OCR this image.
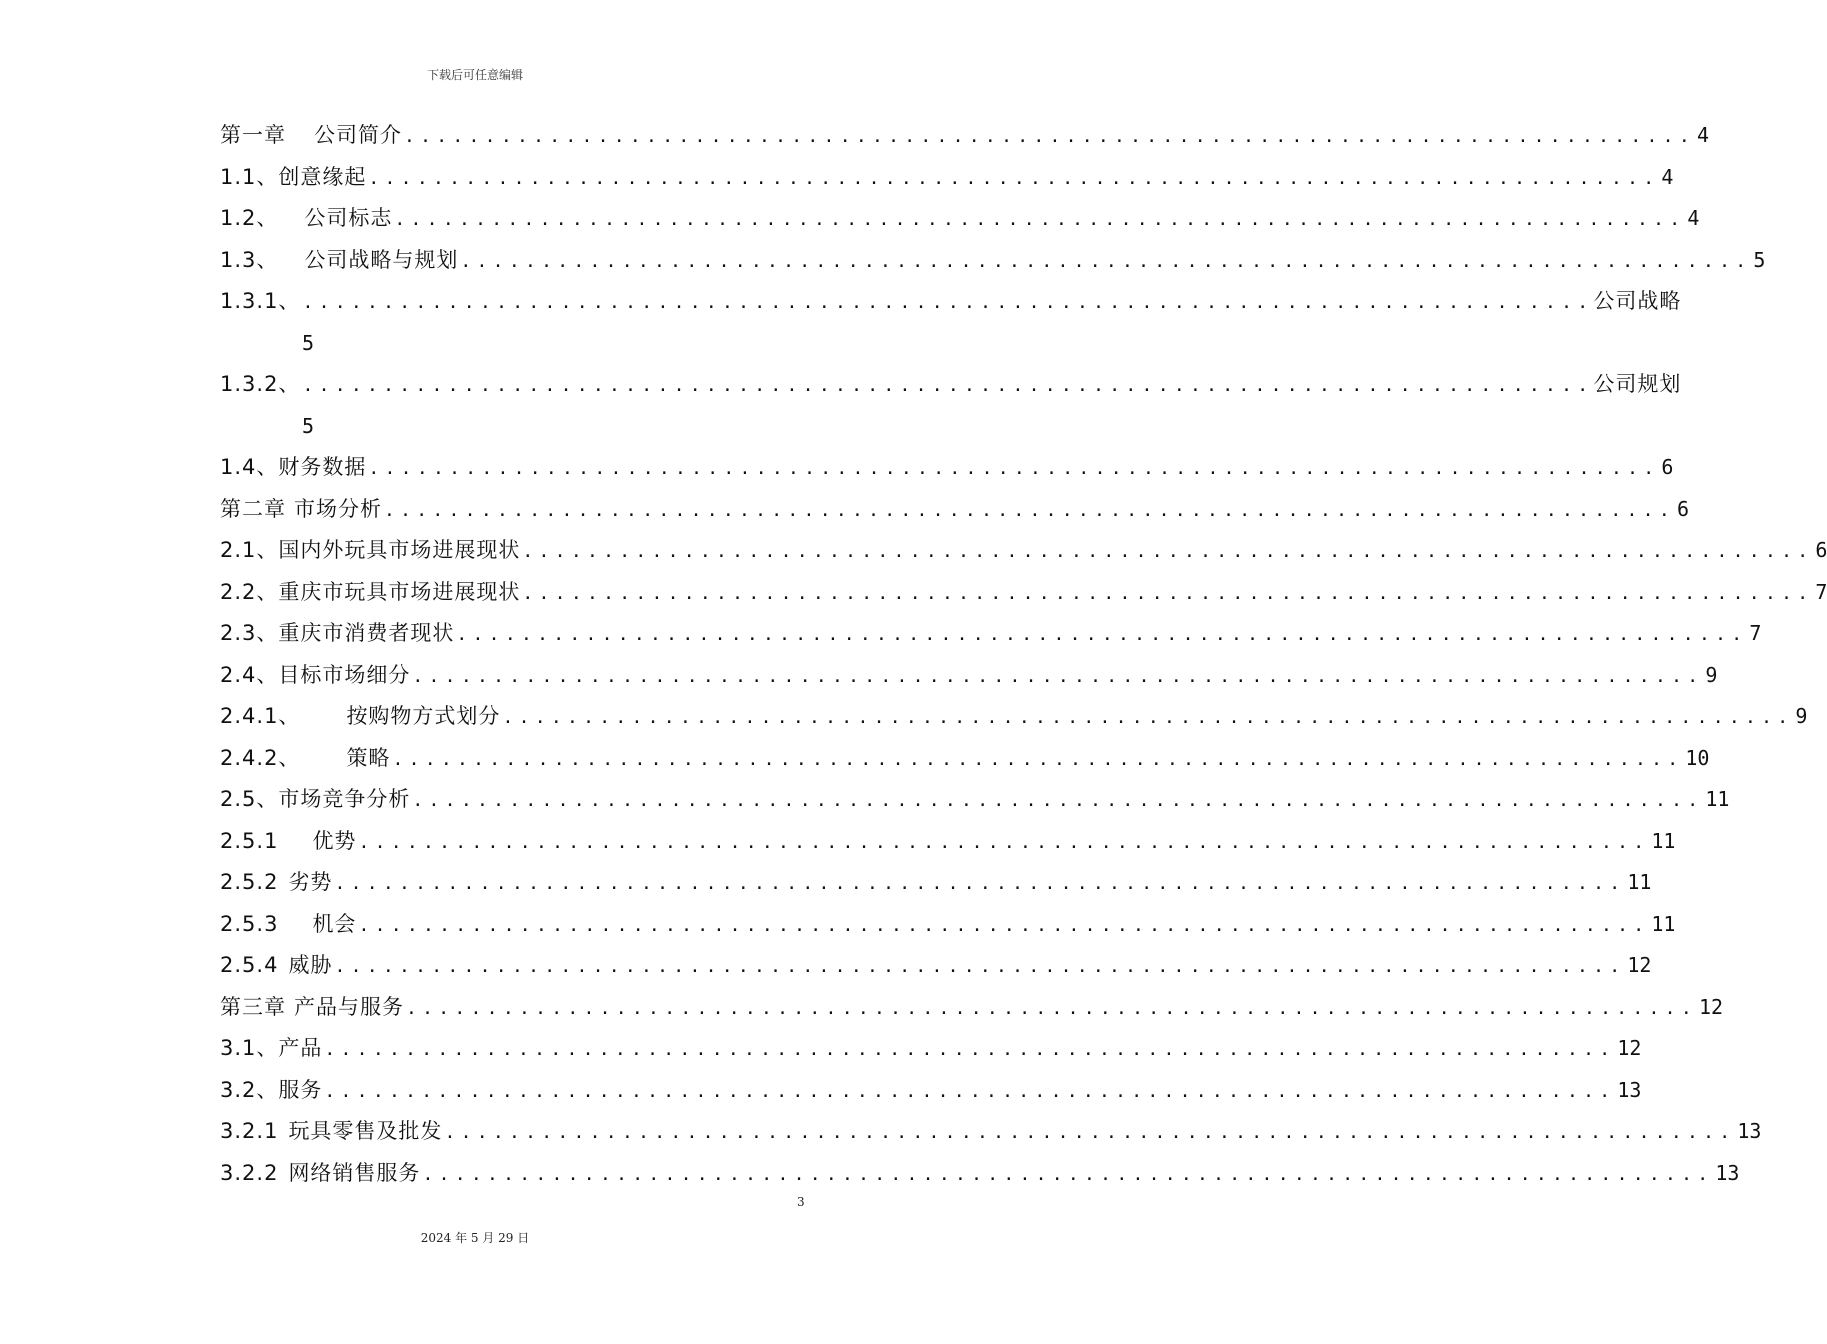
下载后可任意编辑
第一章 公司简介 ................................................................................ 4
1.1、创意缘起 ................................................................................ 4
1.2、 公司标志 ................................................................................ 4
1.3、 公司战略与规划 ................................................................................ 5
1.3.1、 ................................................................................ 公司战略
5
1.3.2、 ................................................................................ 公司规划
5
1.4、财务数据 ................................................................................ 6
第二章 市场分析 ................................................................................ 6
2.1、国内外玩具市场进展现状 ................................................................................ 6
2.2、重庆市玩具市场进展现状 ................................................................................ 7
2.3、重庆市消费者现状 ................................................................................ 7
2.4、目标市场细分 ................................................................................ 9
2.4.1、 按购物方式划分 ................................................................................ 9
2.4.2、 策略 ................................................................................ 10
2.5、市场竞争分析 ................................................................................ 11
2.5.1 优势 ................................................................................ 11
2.5.2 劣势 ................................................................................ 11
2.5.3 机会 ................................................................................ 11
2.5.4 威胁 ................................................................................ 12
第三章 产品与服务 ................................................................................ 12
3.1、产品 ................................................................................ 12
3.2、服务 ................................................................................ 13
3.2.1 玩具零售及批发 ................................................................................ 13
3.2.2 网络销售服务 ................................................................................ 13
3
2024 年 5 月 29 日
